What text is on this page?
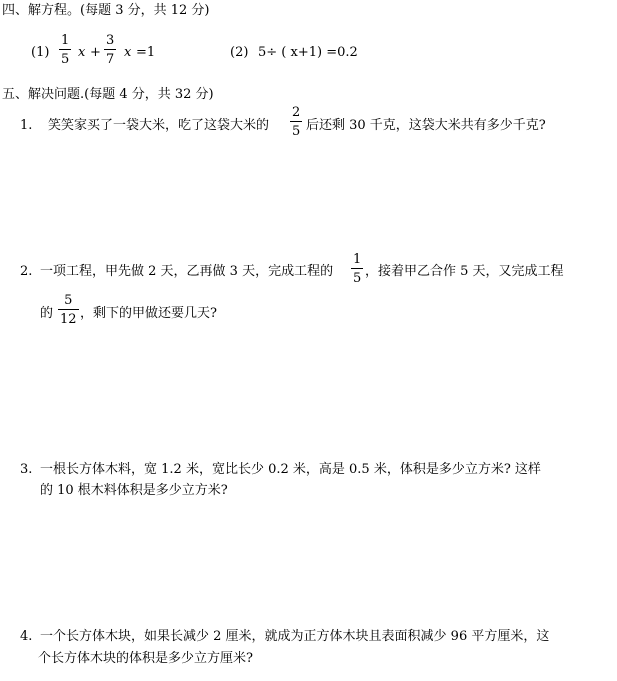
四、解方程。(每题 3 分，共 12 分)
(1)
1
5 x +
3
7 x =1	(2) 5÷ ( x+1) =0.2
五、解决问题.(每题 4 分，共 32 分)
1. 笑笑家买了一袋大米，吃了这袋大米的
2
5 后还剩 30 千克，这袋大米共有多少千克?
2. 一项工程，甲先做 2 天，乙再做 3 天，完成工程的
1
5 ，接着甲乙合作 5 天，又完成工程
的
5
12 ，剩下的甲做还要几天?
3. 一根长方体木料，宽 1.2 米，宽比长少 0.2 米，高是 0.5 米，体积是多少立方米? 这样
的 10 根木料体积是多少立方米?
4. 一个长方体木块，如果长减少 2 厘米，就成为正方体木块且表面积减少 96 平方厘米，这
个长方体木块的体积是多少立方厘米?
